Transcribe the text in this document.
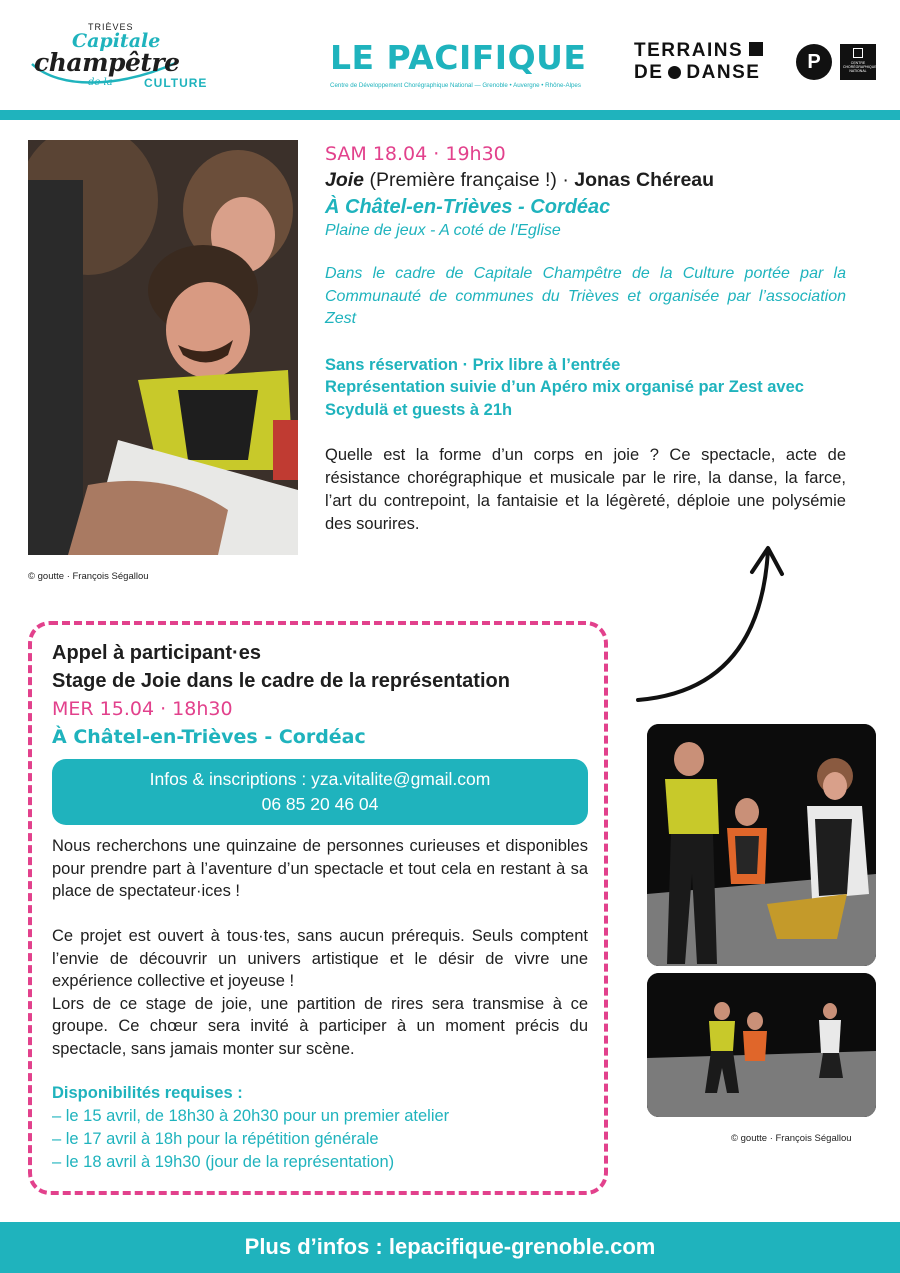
TRIÈVES
Capitale
champêtre
de la	CULTURE
LE PACIFIQUE
Centre de Développement Chorégraphique National — Grenoble • Auvergne • Rhône-Alpes
TERRAINS
DE DANSE	P	CENTRE CHORÉGRAPHIQUE NATIONAL
© goutte · François Ségallou
SAM 18.04 · 19h30
Joie (Première française !) · Jonas Chéreau
À Châtel-en-Trièves - Cordéac
Plaine de jeux - A coté de l'Eglise
Dans le cadre de Capitale Champêtre de la Culture portée par la Communauté de communes du Trièves et organisée par l’association Zest
Sans réservation · Prix libre à l’entrée
Représentation suivie d’un Apéro mix organisé par Zest avec Scydulä et guests à 21h
Quelle est la forme d’un corps en joie ? Ce spectacle, acte de résistance chorégraphique et musicale par le rire, la danse, la farce, l’art du contrepoint, la fantaisie et la légèreté, déploie une polysémie des sourires.
Appel à participant·es
Stage de Joie dans le cadre de la représentation
MER 15.04 · 18h30
À Châtel-en-Trièves - Cordéac
Infos & inscriptions : yza.vitalite@gmail.com
06 85 20 46 04
Nous recherchons une quinzaine de personnes curieuses et disponibles pour prendre part à l’aventure d’un spectacle et tout cela en restant à sa place de spectateur·ices !
Ce projet est ouvert à tous·tes, sans aucun prérequis. Seuls comptent l’envie de découvrir un univers artistique et le désir de vivre une expérience collective et joyeuse !
Lors de ce stage de joie, une partition de rires sera transmise à ce groupe. Ce chœur sera invité à participer à un moment précis du spectacle, sans jamais monter sur scène.
Disponibilités requises :
– le 15 avril, de 18h30 à 20h30 pour un premier atelier
– le 17 avril à 18h pour la répétition générale
– le 18 avril à 19h30 (jour de la représentation)
© goutte · François Ségallou
Plus d’infos : lepacifique-grenoble.com
